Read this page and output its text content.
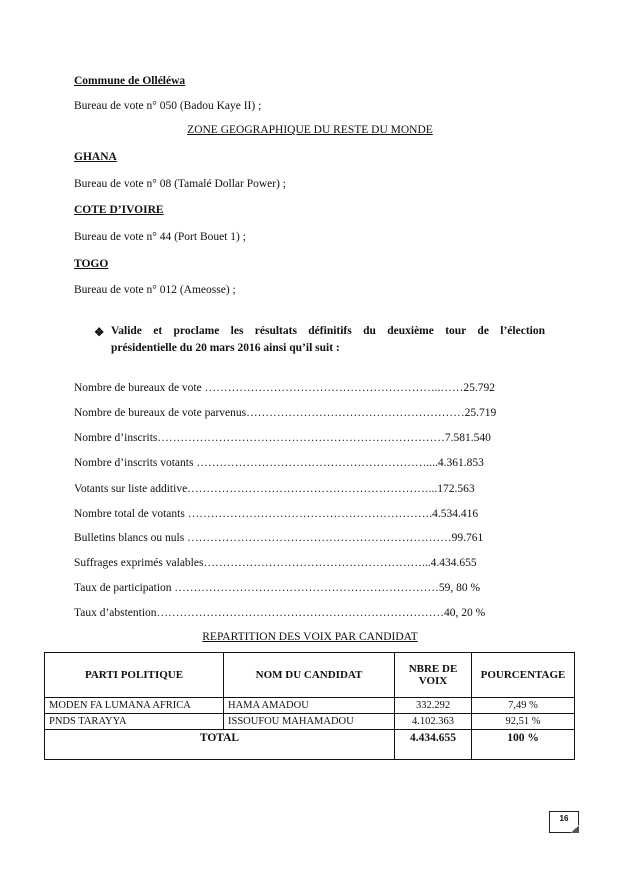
Commune de Olléléwa
Bureau de vote n° 050 (Badou Kaye II) ;
ZONE GEOGRAPHIQUE DU RESTE DU MONDE
GHANA
Bureau de vote n° 08 (Tamalé Dollar Power) ;
COTE D’IVOIRE
Bureau de vote n° 44 (Port Bouet 1) ;
TOGO
Bureau de vote n° 012 (Ameosse) ;
❖ Valide et proclame les résultats définitifs du deuxième tour de l’élection
présidentielle du 20 mars 2016 ainsi qu’il suit :
Nombre de bureaux de vote ……………………………………………………..……25.792
Nombre de bureaux de vote parvenus…………………………………………………25.719
Nombre d’inscrits…………………………………………………………………7.581.540
Nombre d’inscrits votants ……………………………………………………....4.361.853
Votants sur liste additive………………………………………………………...172.563
Nombre total de votants ……………………………………………………….4.534.416
Bulletins blancs ou nuls ……………………………………………………………99.761
Suffrages exprimés valables…………………………………………………...4.434.655
Taux de participation ……………………………………………………………59, 80 %
Taux d’abstention…………………………………………………………………40, 20 %
REPARTITION DES VOIX PAR CANDIDAT
PARTI POLITIQUE	NOM DU CANDIDAT	NBRE DE VOIX	POURCENTAGE
MODEN FA LUMANA AFRICA	HAMA AMADOU	332.292	7,49 %
PNDS TARAYYA	ISSOUFOU MAHAMADOU	4.102.363	92,51 %
TOTAL		4.434.655	100 %
16
